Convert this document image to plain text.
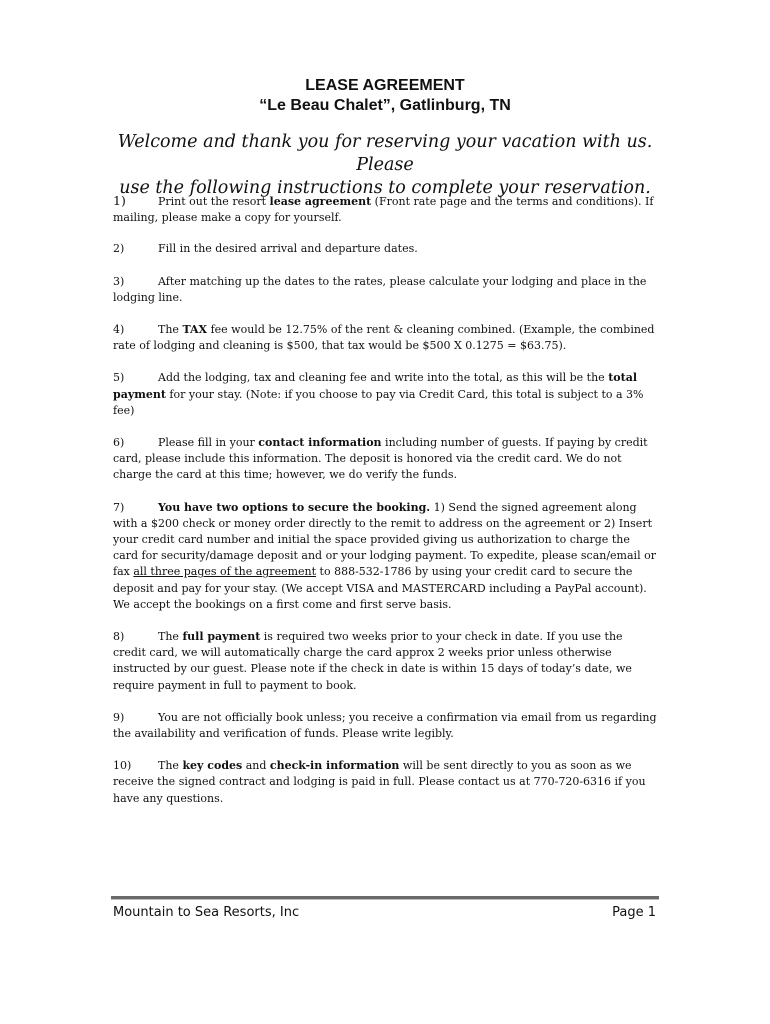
LEASE AGREEMENT
“Le Beau Chalet”, Gatlinburg, TN
Welcome and thank you for reserving your vacation with us. Please
use the following instructions to complete your reservation.

1)	Print out the resort lease agreement (Front rate page and the terms and conditions). If mailing, please make a copy for yourself.

2)	Fill in the desired arrival and departure dates.

3)	After matching up the dates to the rates, please calculate your lodging and place in the lodging line.

4)	The TAX fee would be 12.75% of the rent & cleaning combined. (Example, the combined rate of lodging and cleaning is $500, that tax would be $500 X 0.1275 = $63.75).

5)	Add the lodging, tax and cleaning fee and write into the total, as this will be the total payment for your stay. (Note: if you choose to pay via Credit Card, this total is subject to a 3% fee)

6)	Please fill in your contact information including number of guests. If paying by credit card, please include this information. The deposit is honored via the credit card. We do not charge the card at this time; however, we do verify the funds.

7)	You have two options to secure the booking. 1) Send the signed agreement along with a $200 check or money order directly to the remit to address on the agreement or 2) Insert your credit card number and initial the space provided giving us authorization to charge the card for security/damage deposit and or your lodging payment. To expedite, please scan/email or fax all three pages of the agreement to 888-532-1786 by using your credit card to secure the deposit and pay for your stay. (We accept VISA and MASTERCARD including a PayPal account). We accept the bookings on a first come and first serve basis.

8)	The full payment is required two weeks prior to your check in date. If you use the credit card, we will automatically charge the card approx 2 weeks prior unless otherwise instructed by our guest. Please note if the check in date is within 15 days of today’s date, we require payment in full to payment to book.

9)	You are not officially book unless; you receive a confirmation via email from us regarding the availability and verification of funds. Please write legibly.

10) The key codes and check-in information will be sent directly to you as soon as we receive the signed contract and lodging is paid in full. Please contact us at 770-720-6316 if you have any questions.

Mountain to Sea Resorts, Inc	Page 1
